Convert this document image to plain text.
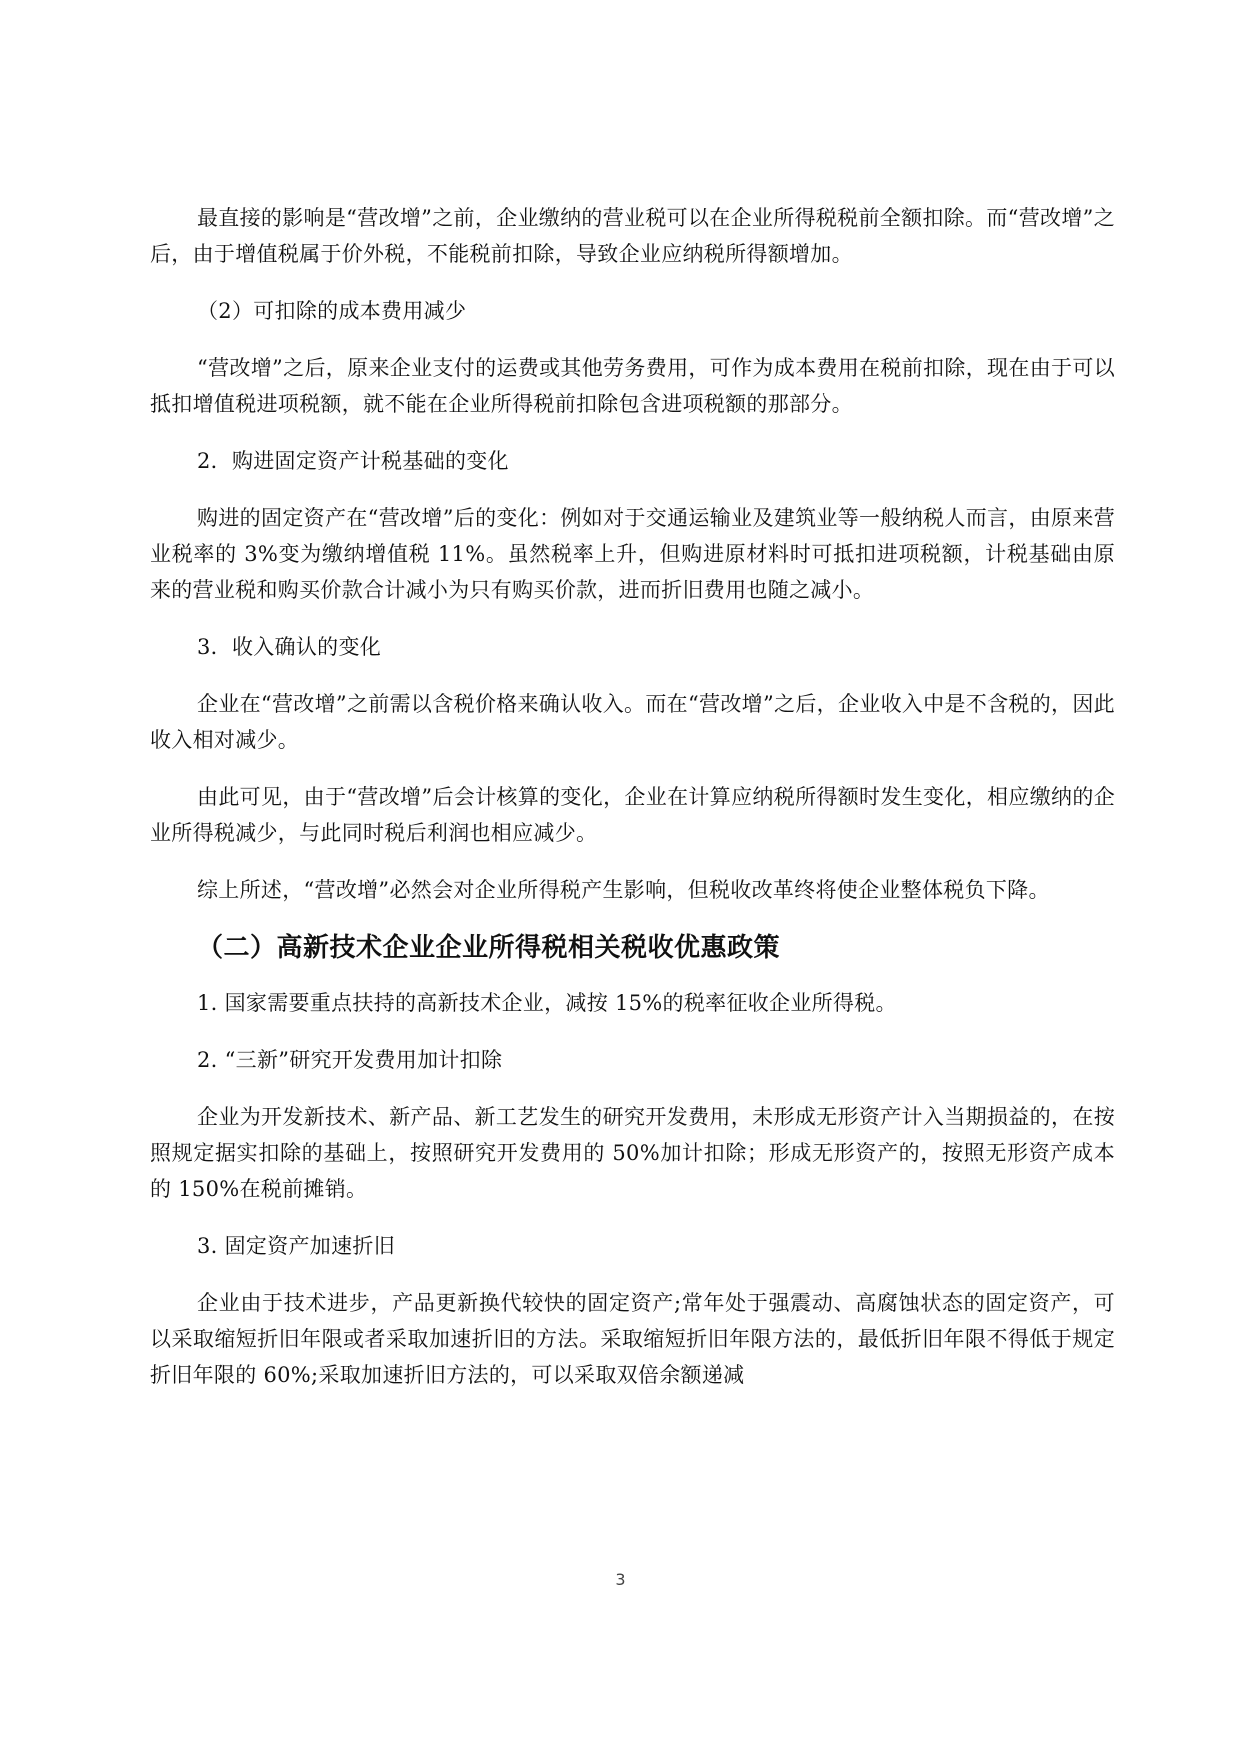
最直接的影响是“营改增”之前，企业缴纳的营业税可以在企业所得税税前全额扣除。而“营改增”之后，由于增值税属于价外税，不能税前扣除，导致企业应纳税所得额增加。

（2）可扣除的成本费用减少

“营改增”之后，原来企业支付的运费或其他劳务费用，可作为成本费用在税前扣除，现在由于可以抵扣增值税进项税额，就不能在企业所得税前扣除包含进项税额的那部分。

2．购进固定资产计税基础的变化

购进的固定资产在“营改增”后的变化：例如对于交通运输业及建筑业等一般纳税人而言，由原来营业税率的 3%变为缴纳增值税 11%。虽然税率上升，但购进原材料时可抵扣进项税额，计税基础由原来的营业税和购买价款合计减小为只有购买价款，进而折旧费用也随之减小。

3．收入确认的变化

企业在“营改增”之前需以含税价格来确认收入。而在“营改增”之后，企业收入中是不含税的，因此收入相对减少。

由此可见，由于“营改增”后会计核算的变化，企业在计算应纳税所得额时发生变化，相应缴纳的企业所得税减少，与此同时税后利润也相应减少。

综上所述，“营改增”必然会对企业所得税产生影响，但税收改革终将使企业整体税负下降。

（二）高新技术企业企业所得税相关税收优惠政策

1. 国家需要重点扶持的高新技术企业，减按 15%的税率征收企业所得税。

2. “三新”研究开发费用加计扣除

企业为开发新技术、新产品、新工艺发生的研究开发费用，未形成无形资产计入当期损益的，在按照规定据实扣除的基础上，按照研究开发费用的 50%加计扣除；形成无形资产的，按照无形资产成本的 150%在税前摊销。

3. 固定资产加速折旧

企业由于技术进步，产品更新换代较快的固定资产;常年处于强震动、高腐蚀状态的固定资产，可以采取缩短折旧年限或者采取加速折旧的方法。采取缩短折旧年限方法的，最低折旧年限不得低于规定折旧年限的 60%;采取加速折旧方法的，可以采取双倍余额递减

3
